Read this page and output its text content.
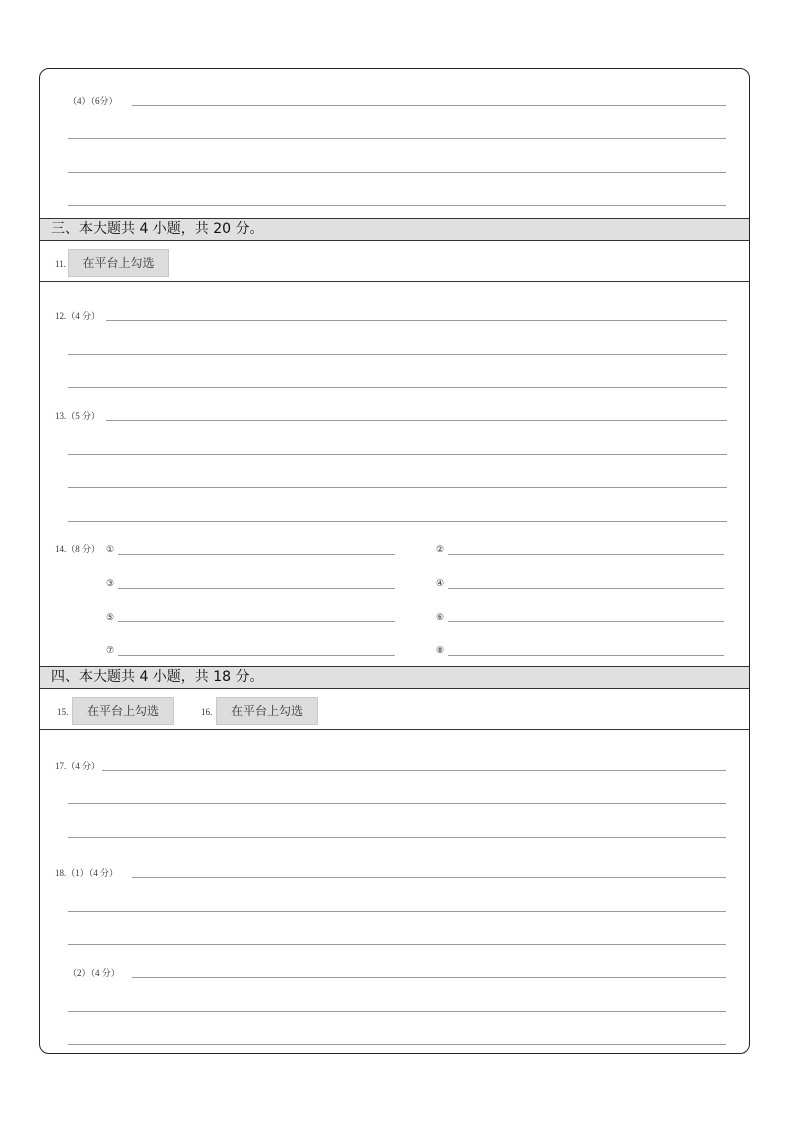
（4）（6分）
三、本大题共 4 小题，共 20 分。
11.	在平台上勾选
12.（4 分）
13.（5 分）
14.（8 分） ①	②
③	④
⑤	⑥
⑦	⑧
四、本大题共 4 小题，共 18 分。
15.	在平台上勾选	16.	在平台上勾选
17.（4 分）
18.（1）（4 分）
（2）（4 分）
